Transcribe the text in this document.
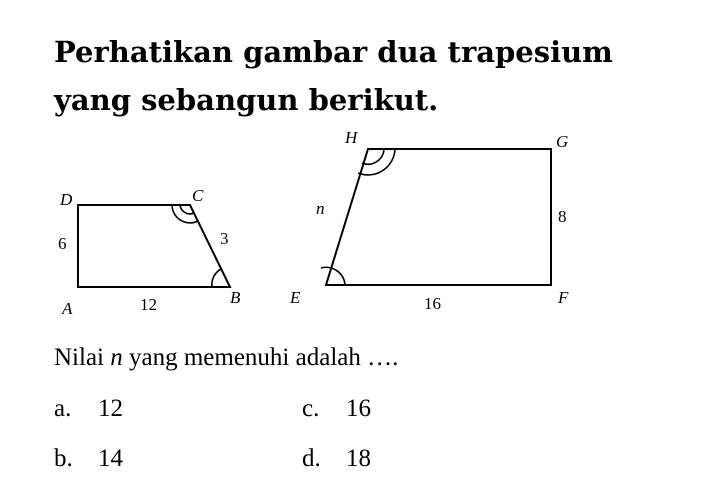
Perhatikan gambar dua trapesium yang sebangun berikut.
D	C
A
B
6	3
12
H	G
E	F
n	8
16
Nilai n yang memenuhi adalah ….
a. 12
b. 14
c. 16
d. 18
